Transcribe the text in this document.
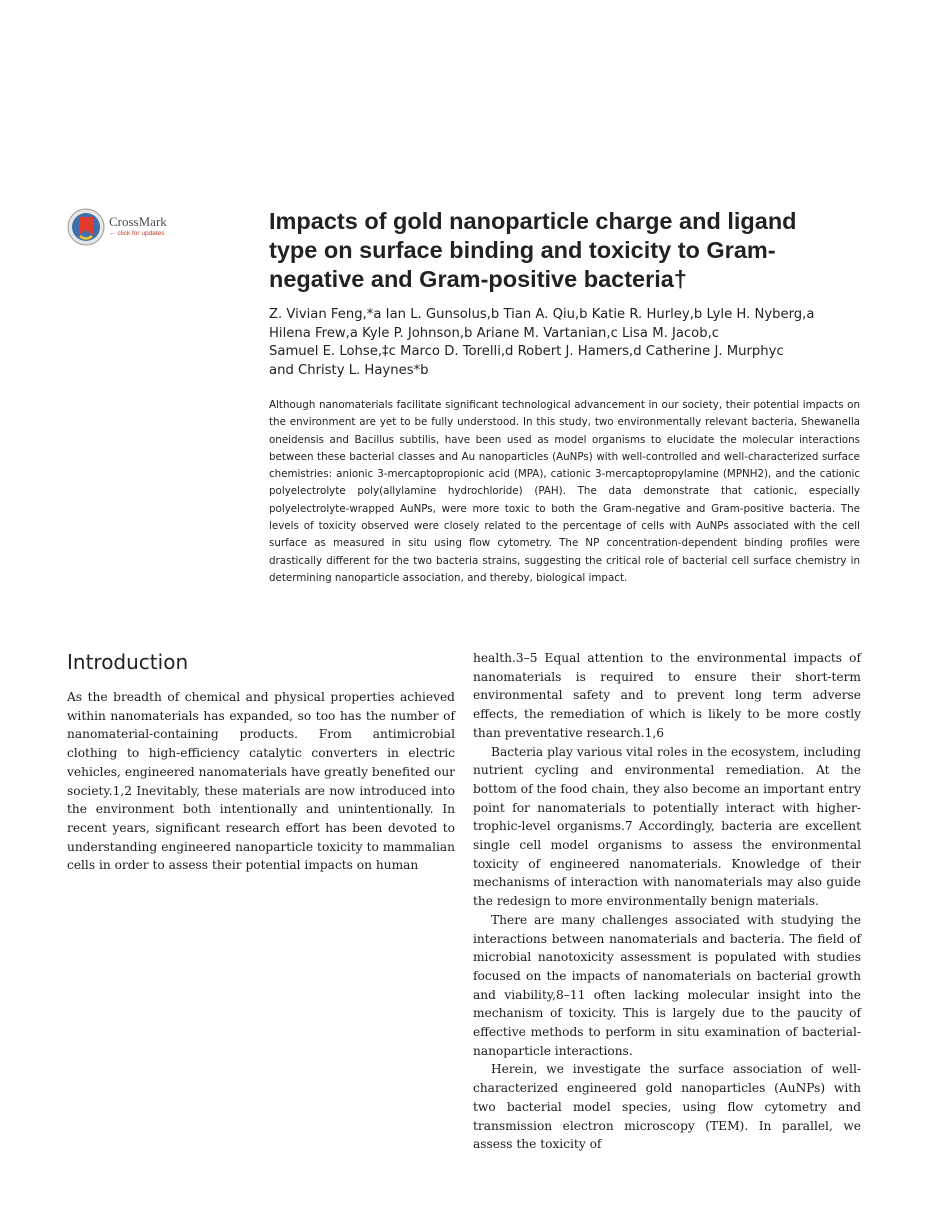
CrossMark
← click for updates	Impacts of gold nanoparticle charge and ligand type on surface binding and toxicity to Gram-negative and Gram-positive bacteria†
Z. Vivian Feng,*a Ian L. Gunsolus,b Tian A. Qiu,b Katie R. Hurley,b Lyle H. Nyberg,a
Hilena Frew,a Kyle P. Johnson,b Ariane M. Vartanian,c Lisa M. Jacob,c
Samuel E. Lohse,‡c Marco D. Torelli,d Robert J. Hamers,d Catherine J. Murphyc
and Christy L. Haynes*b

Although nanomaterials facilitate significant technological advancement in our society, their potential impacts on the environment are yet to be fully understood. In this study, two environmentally relevant bacteria, Shewanella oneidensis and Bacillus subtilis, have been used as model organisms to elucidate the molecular interactions between these bacterial classes and Au nanoparticles (AuNPs) with well-controlled and well-characterized surface chemistries: anionic 3-mercaptopropionic acid (MPA), cationic 3-mercaptopropylamine (MPNH2), and the cationic polyelectrolyte poly(allylamine hydrochloride) (PAH). The data demonstrate that cationic, especially polyelectrolyte-wrapped AuNPs, were more toxic to both the Gram-negative and Gram-positive bacteria. The levels of toxicity observed were closely related to the percentage of cells with AuNPs associated with the cell surface as measured in situ using flow cytometry. The NP concentration-dependent binding profiles were drastically different for the two bacteria strains, suggesting the critical role of bacterial cell surface chemistry in determining nanoparticle association, and thereby, biological impact.

Introduction

As the breadth of chemical and physical properties achieved within nanomaterials has expanded, so too has the number of nanomaterial-containing products. From antimicrobial clothing to high-efficiency catalytic converters in electric vehicles, engineered nanomaterials have greatly benefited our society.1,2 Inevitably, these materials are now introduced into the environment both intentionally and unintentionally. In recent years, significant research effort has been devoted to understanding engineered nanoparticle toxicity to mammalian cells in order to assess their potential impacts on human

health.3–5 Equal attention to the environmental impacts of nanomaterials is required to ensure their short-term environmental safety and to prevent long term adverse effects, the remediation of which is likely to be more costly than preventative research.1,6

Bacteria play various vital roles in the ecosystem, including nutrient cycling and environmental remediation. At the bottom of the food chain, they also become an important entry point for nanomaterials to potentially interact with higher-trophic-level organisms.7 Accordingly, bacteria are excellent single cell model organisms to assess the environmental toxicity of engineered nanomaterials. Knowledge of their mechanisms of interaction with nanomaterials may also guide the redesign to more environmentally benign materials.

There are many challenges associated with studying the interactions between nanomaterials and bacteria. The field of microbial nanotoxicity assessment is populated with studies focused on the impacts of nanomaterials on bacterial growth and viability,8–11 often lacking molecular insight into the mechanism of toxicity. This is largely due to the paucity of effective methods to perform in situ examination of bacterial-nanoparticle interactions.

Herein, we investigate the surface association of well-characterized engineered gold nanoparticles (AuNPs) with two bacterial model species, using flow cytometry and transmission electron microscopy (TEM). In parallel, we assess the toxicity of
